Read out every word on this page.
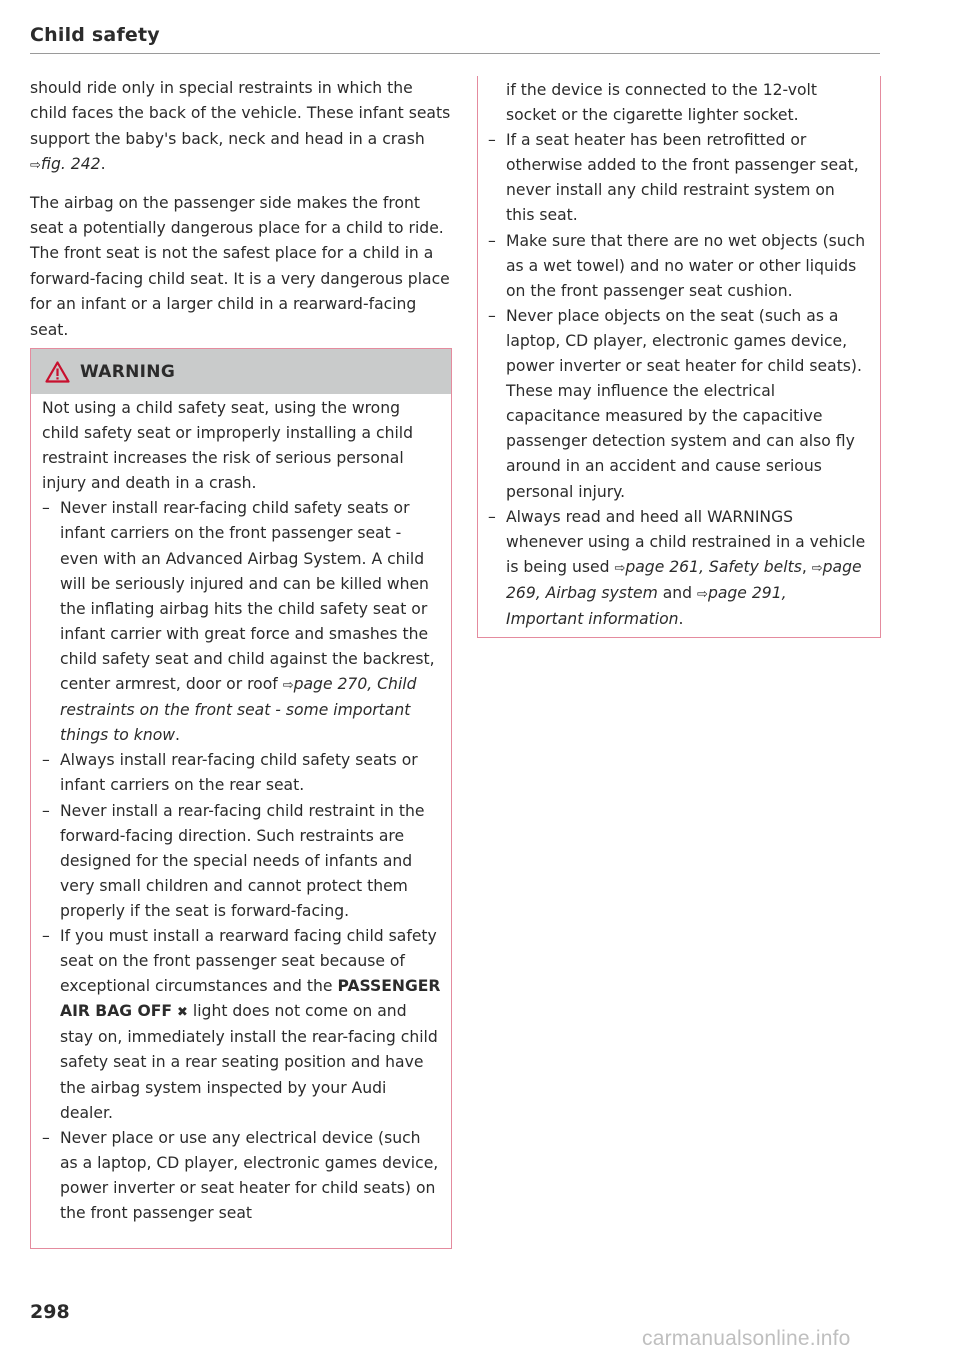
Child safety

should ride only in special restraints in which the child faces the back of the vehicle. These infant seats support the baby's back, neck and head in a crash ⇨fig. 242.

The airbag on the passenger side makes the front seat a potentially dangerous place for a child to ride. The front seat is not the safest place for a child in a forward-facing child seat. It is a very dangerous place for an infant or a larger child in a rearward-facing seat.

WARNING

Not using a child safety seat, using the wrong child safety seat or improperly installing a child restraint increases the risk of serious personal injury and death in a crash.

– Never install rear-facing child safety seats or infant carriers on the front passenger seat - even with an Advanced Airbag System. A child will be seriously injured and can be killed when the inflating airbag hits the child safety seat or infant carrier with great force and smashes the child safety seat and child against the backrest, center armrest, door or roof ⇨page 270, Child restraints on the front seat - some important things to know.
– Always install rear-facing child safety seats or infant carriers on the rear seat.
– Never install a rear-facing child restraint in the forward-facing direction. Such restraints are designed for the special needs of infants and very small children and cannot protect them properly if the seat is forward-facing.
– If you must install a rearward facing child safety seat on the front passenger seat because of exceptional circumstances and the PASSENGER AIR BAG OFF ✖ light does not come on and stay on, immediately install the rear-facing child safety seat in a rear seating position and have the airbag system inspected by your Audi dealer.
– Never place or use any electrical device (such as a laptop, CD player, electronic games device, power inverter or seat heater for child seats) on the front passenger seat

if the device is connected to the 12-volt socket or the cigarette lighter socket.

– If a seat heater has been retrofitted or otherwise added to the front passenger seat, never install any child restraint system on this seat.
– Make sure that there are no wet objects (such as a wet towel) and no water or other liquids on the front passenger seat cushion.
– Never place objects on the seat (such as a laptop, CD player, electronic games device, power inverter or seat heater for child seats). These may influence the electrical capacitance measured by the capacitive passenger detection system and can also fly around in an accident and cause serious personal injury.
– Always read and heed all WARNINGS whenever using a child restrained in a vehicle is being used ⇨page 261, Safety belts, ⇨page 269, Airbag system and ⇨page 291, Important information.
298
carmanualsonline.info
